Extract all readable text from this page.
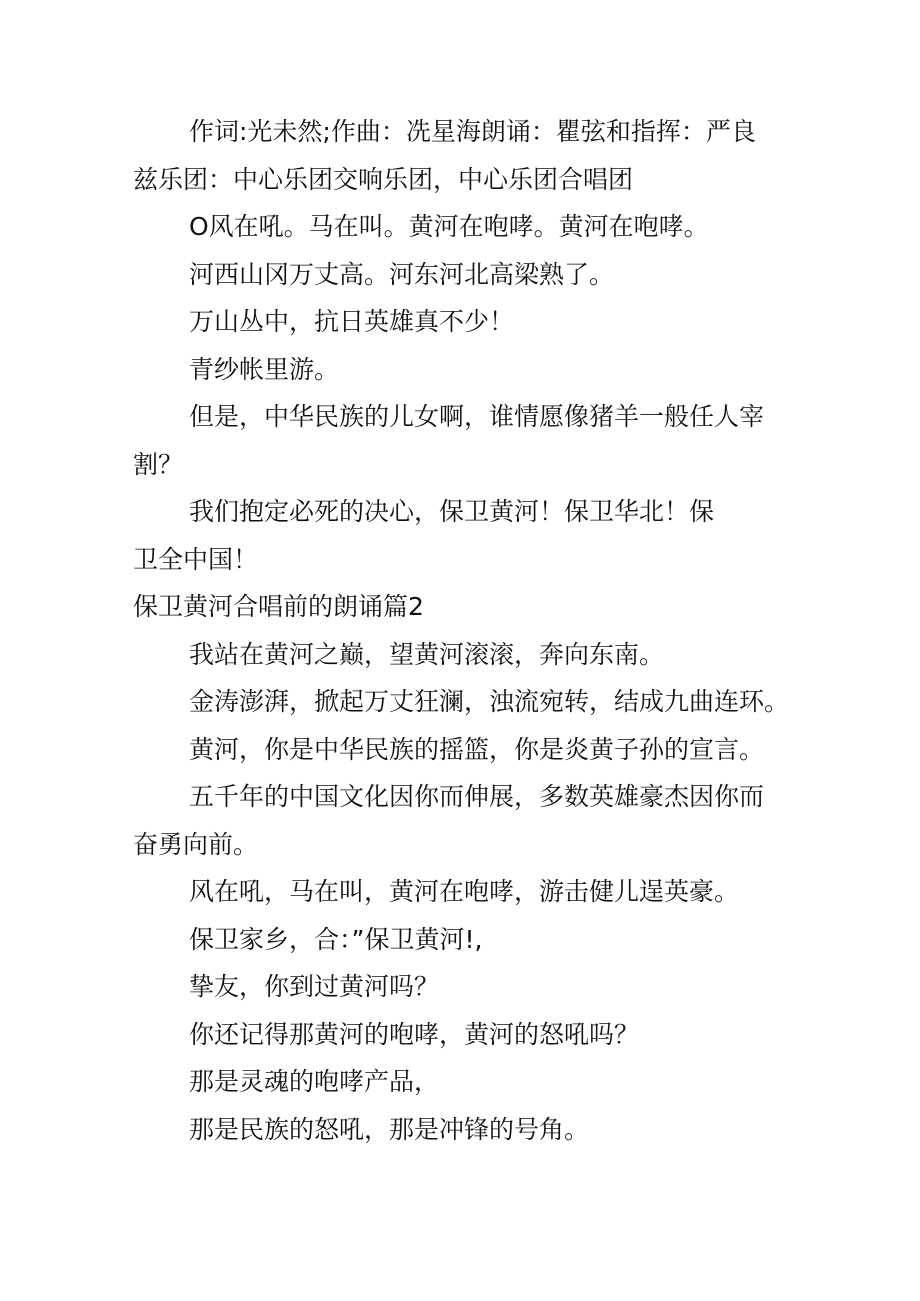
作词:光未然;作曲：冼星海朗诵：瞿弦和指挥：严良
兹乐团：中心乐团交响乐团，中心乐团合唱团
O风在吼。马在叫。黄河在咆哮。黄河在咆哮。
河西山冈万丈高。河东河北高梁熟了。
万山丛中，抗日英雄真不少！
青纱帐里游。
但是，中华民族的儿女啊，谁情愿像猪羊一般任人宰
割？
我们抱定必死的决心，保卫黄河！保卫华北！保
卫全中国！
保卫黄河合唱前的朗诵篇2
我站在黄河之巅，望黄河滚滚，奔向东南。
金涛澎湃，掀起万丈狂澜，浊流宛转，结成九曲连环。
黄河，你是中华民族的摇篮，你是炎黄子孙的宣言。
五千年的中国文化因你而伸展，多数英雄豪杰因你而
奋勇向前。
风在吼，马在叫，黄河在咆哮，游击健儿逞英豪。
保卫家乡，合：”保卫黄河!,
挚友，你到过黄河吗？
你还记得那黄河的咆哮，黄河的怒吼吗？
那是灵魂的咆哮产品，
那是民族的怒吼，那是冲锋的号角。
